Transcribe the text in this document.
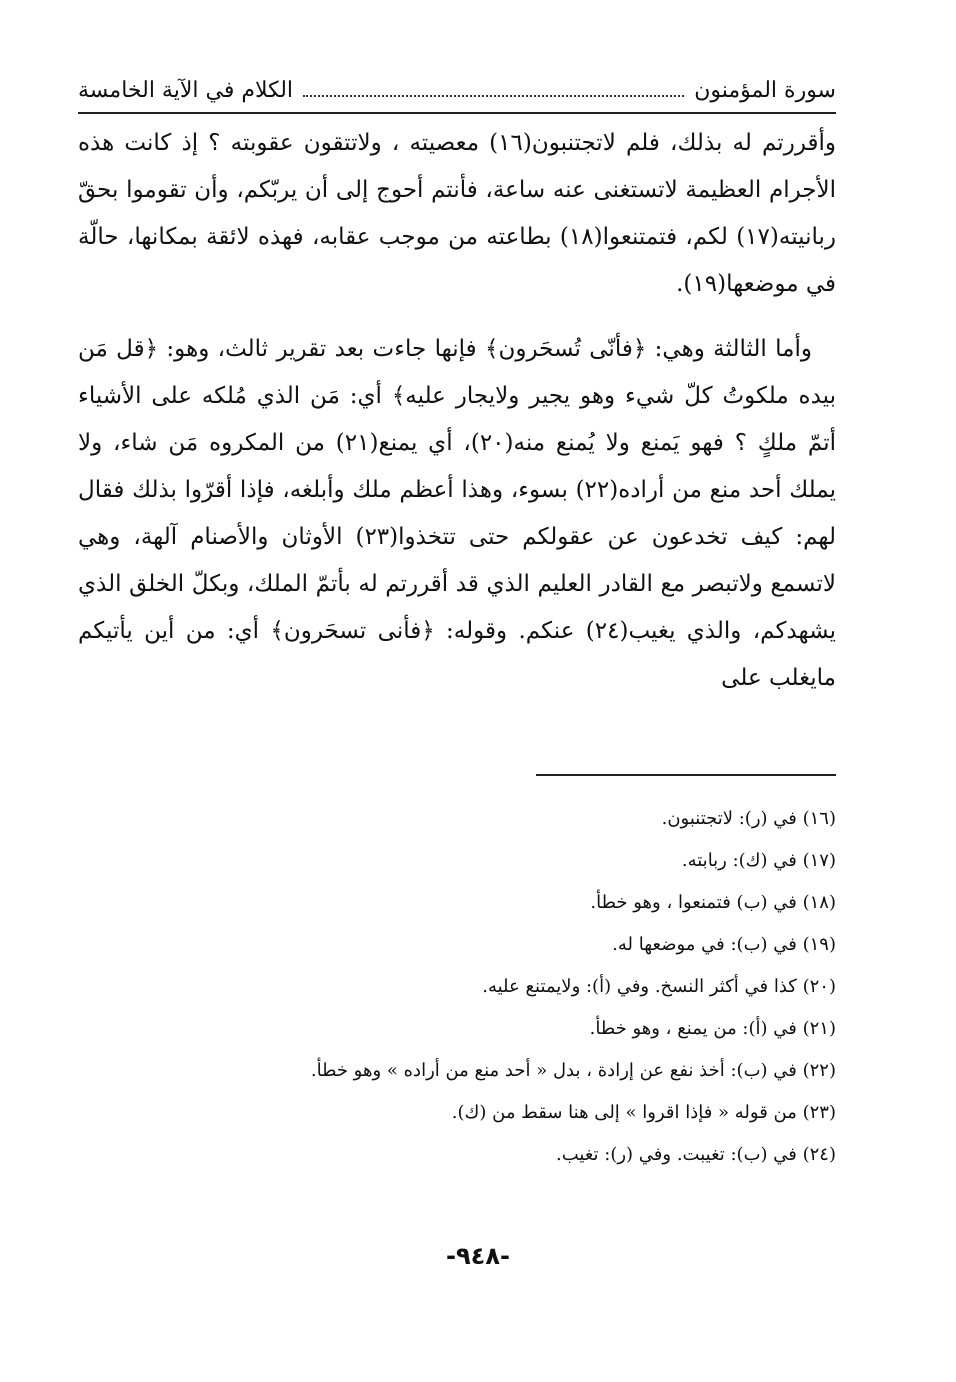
سورة المؤمنون
الكلام في الآية الخامسة

وأقررتم له بذلك، فلم لاتجتنبون(١٦) معصيته ، ولاتتقون عقوبته ؟ إذ كانت هذه الأجرام العظيمة لاتستغنى عنه ساعة، فأنتم أحوج إلى أن يربّكم، وأن تقوموا بحقّ ربانيته(١٧) لكم، فتمتنعوا(١٨) بطاعته من موجب عقابه، فهذه لائقة بمكانها، حالّة في موضعها(١٩).

وأما الثالثة وهي: ﴿فأنّى تُسحَرون﴾ فإنها جاءت بعد تقرير ثالث، وهو: ﴿قل مَن بيده ملكوتُ كلّ شيء وهو يجير ولايجار عليه﴾ أي: مَن الذي مُلكه على الأشياء أتمّ ملكٍ ؟ فهو يَمنع ولا يُمنع منه(٢٠)، أي يمنع(٢١) من المكروه مَن شاء، ولا يملك أحد منع من أراده(٢٢) بسوء، وهذا أعظم ملك وأبلغه، فإذا أقرّوا بذلك فقال لهم: كيف تخدعون عن عقولكم حتى تتخذوا(٢٣) الأوثان والأصنام آلهة، وهي لاتسمع ولاتبصر مع القادر العليم الذي قد أقررتم له بأتمّ الملك، وبكلّ الخلق الذي يشهدكم، والذي يغيب(٢٤) عنكم. وقوله: ﴿فأنى تسحَرون﴾ أي: من أين يأتيكم مايغلب على

(١٦) في (ر): لاتجتنبون.
(١٧) في (ك): ربابته.
(١٨) في (ب) فتمنعوا ، وهو خطأ.
(١٩) في (ب): في موضعها له.
(٢٠) كذا في أكثر النسخ. وفي (أ): ولايمتنع عليه.
(٢١) في (أ): من يمنع ، وهو خطأ.
(٢٢) في (ب): أخذ نفع عن إرادة ، بدل « أحد منع من أراده » وهو خطأ.
(٢٣) من قوله « فإذا اقروا » إلى هنا سقط من (ك).
(٢٤) في (ب): تغيبت. وفي (ر): تغيب.
-٩٤٨-
